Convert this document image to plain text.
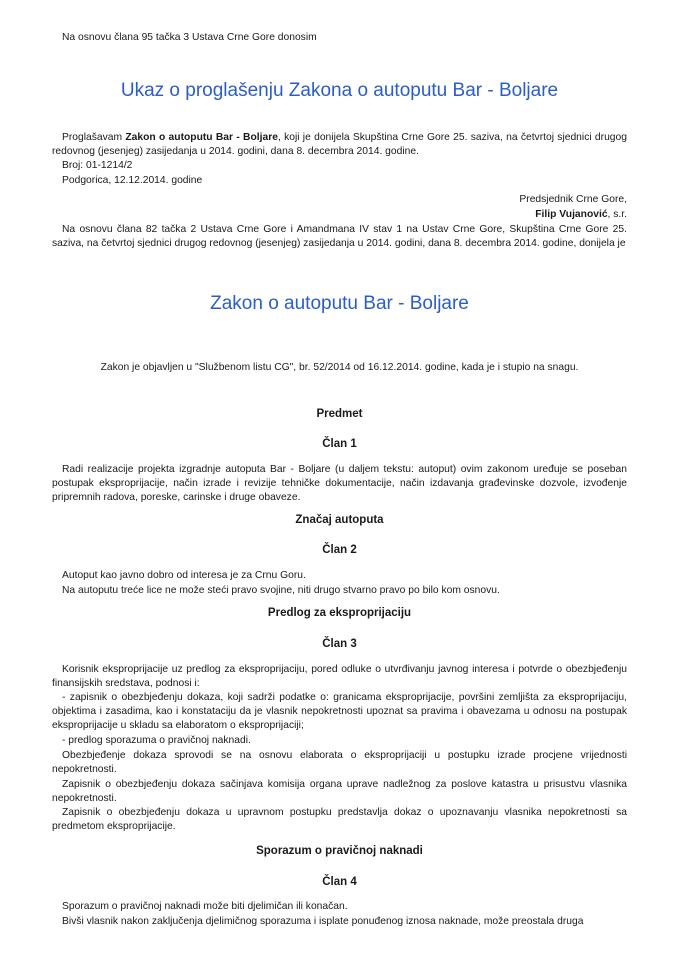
Na osnovu člana 95 tačka 3 Ustava Crne Gore donosim
Ukaz o proglašenju Zakona o autoputu Bar - Boljare

Proglašavam Zakon o autoputu Bar - Boljare, koji je donijela Skupština Crne Gore 25. saziva, na četvrtoj sjednici drugog redovnog (jesenjeg) zasijedanja u 2014. godini, dana 8. decembra 2014. godine.

Broj: 01-1214/2
Podgorica, 12.12.2014. godine
Predsjednik Crne Gore,
Filip Vujanović, s.r.

Na osnovu člana 82 tačka 2 Ustava Crne Gore i Amandmana IV stav 1 na Ustav Crne Gore, Skupština Crne Gore 25. saziva, na četvrtoj sjednici drugog redovnog (jesenjeg) zasijedanja u 2014. godini, dana 8. decembra 2014. godine, donijela je

Zakon o autoputu Bar - Boljare
Zakon je objavljen u "Službenom listu CG", br. 52/2014 od 16.12.2014. godine, kada je i stupio na snagu.
Predmet
Član 1

Radi realizacije projekta izgradnje autoputa Bar - Boljare (u daljem tekstu: autoput) ovim zakonom uređuje se poseban postupak eksproprijacije, način izrade i revizije tehničke dokumentacije, način izdavanja građevinske dozvole, izvođenje pripremnih radova, poreske, carinske i druge obaveze.

Značaj autoputa
Član 2

Autoput kao javno dobro od interesa je za Crnu Goru.

Na autoputu treće lice ne može steći pravo svojine, niti drugo stvarno pravo po bilo kom osnovu.

Predlog za eksproprijaciju
Član 3

Korisnik eksproprijacije uz predlog za eksproprijaciju, pored odluke o utvrđivanju javnog interesa i potvrde o obezbjeđenju finansijskih sredstava, podnosi i:

- zapisnik o obezbjeđenju dokaza, koji sadrži podatke o: granicama eksproprijacije, površini zemljišta za eksproprijaciju, objektima i zasadima, kao i konstataciju da je vlasnik nepokretnosti upoznat sa pravima i obavezama u odnosu na postupak eksproprijacije u skladu sa elaboratom o eksproprijaciji;

- predlog sporazuma o pravičnoj naknadi.

Obezbjeđenje dokaza sprovodi se na osnovu elaborata o eksproprijaciji u postupku izrade procjene vrijednosti nepokretnosti.

Zapisnik o obezbjeđenju dokaza sačinjava komisija organa uprave nadležnog za poslove katastra u prisustvu vlasnika nepokretnosti.

Zapisnik o obezbjeđenju dokaza u upravnom postupku predstavlja dokaz o upoznavanju vlasnika nepokretnosti sa predmetom eksproprijacije.

Sporazum o pravičnoj naknadi
Član 4

Sporazum o pravičnoj naknadi može biti djelimičan ili konačan.

Bivši vlasnik nakon zaključenja djelimičnog sporazuma i isplate ponuđenog iznosa naknade, može preostala druga
